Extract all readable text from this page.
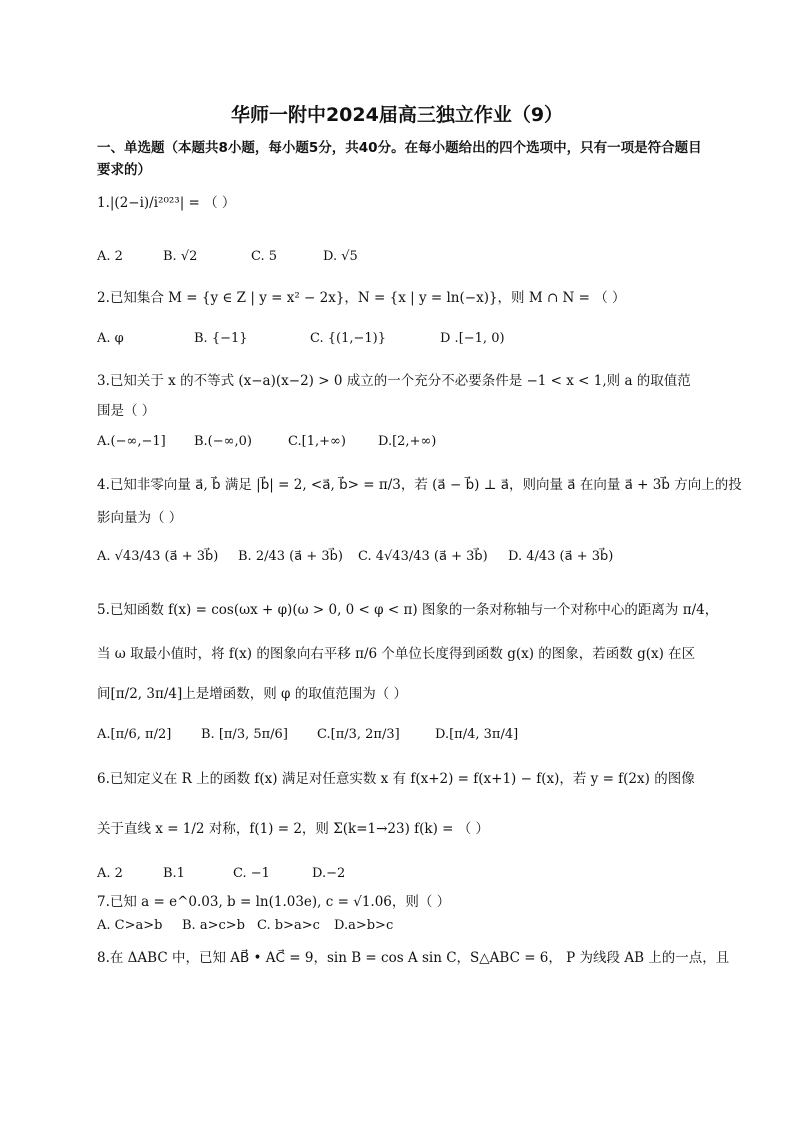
华师一附中2024届高三独立作业（9）
一、单选题（本题共8小题，每小题5分，共40分。在每小题给出的四个选项中，只有一项是符合题目要求的）
1.|(2−i)/i²⁰²³| = （ ）
A. 2	B. √2	C. 5	D. √5
2.已知集合 M = {y ∈ Z | y = x² − 2x}，N = {x | y = ln(−x)}，则 M ∩ N = （ ）
A. φ	B. {−1}	C. {(1,−1)}	D .[−1, 0)
3.已知关于 x 的不等式 (x−a)(x−2) > 0 成立的一个充分不必要条件是 −1 < x < 1,则 a 的取值范
围是（ ）
A.(−∞,−1] B.(−∞,0)	C.[1,+∞) D.[2,+∞)
4.已知非零向量 a⃗, b⃗ 满足 |b⃗| = 2, <a⃗, b⃗> = π/3，若 (a⃗ − b⃗) ⊥ a⃗，则向量 a⃗ 在向量 a⃗ + 3b⃗ 方向上的投
影向量为（ ）
A. √43/43 (a⃗ + 3b⃗) B. 2/43 (a⃗ + 3b⃗) C. 4√43/43 (a⃗ + 3b⃗) D. 4/43 (a⃗ + 3b⃗)
5.已知函数 f(x) = cos(ωx + φ)(ω > 0, 0 < φ < π) 图象的一条对称轴与一个对称中心的距离为 π/4，
当 ω 取最小值时，将 f(x) 的图象向右平移 π/6 个单位长度得到函数 g(x) 的图象，若函数 g(x) 在区
间[π/2, 3π/4]上是增函数，则 φ 的取值范围为（ ）
A.[π/6, π/2] B. [π/3, 5π/6] C.[π/3, 2π/3]	D.[π/4, 3π/4]
6.已知定义在 R 上的函数 f(x) 满足对任意实数 x 有 f(x+2) = f(x+1) − f(x)，若 y = f(2x) 的图像
关于直线 x = 1/2 对称，f(1) = 2，则 Σ(k=1→23) f(k) = （ ）
A. 2	B.1	C. −1	D.−2
7.已知 a = e^0.03, b = ln(1.03e), c = √1.06，则（ ）
A. C>a>b B. a>c>b C. b>a>c D.a>b>c
8.在 ΔABC 中，已知 AB⃗ • AC⃗ = 9，sin B = cos A sin C，S△ABC = 6， P 为线段 AB 上的一点，且
